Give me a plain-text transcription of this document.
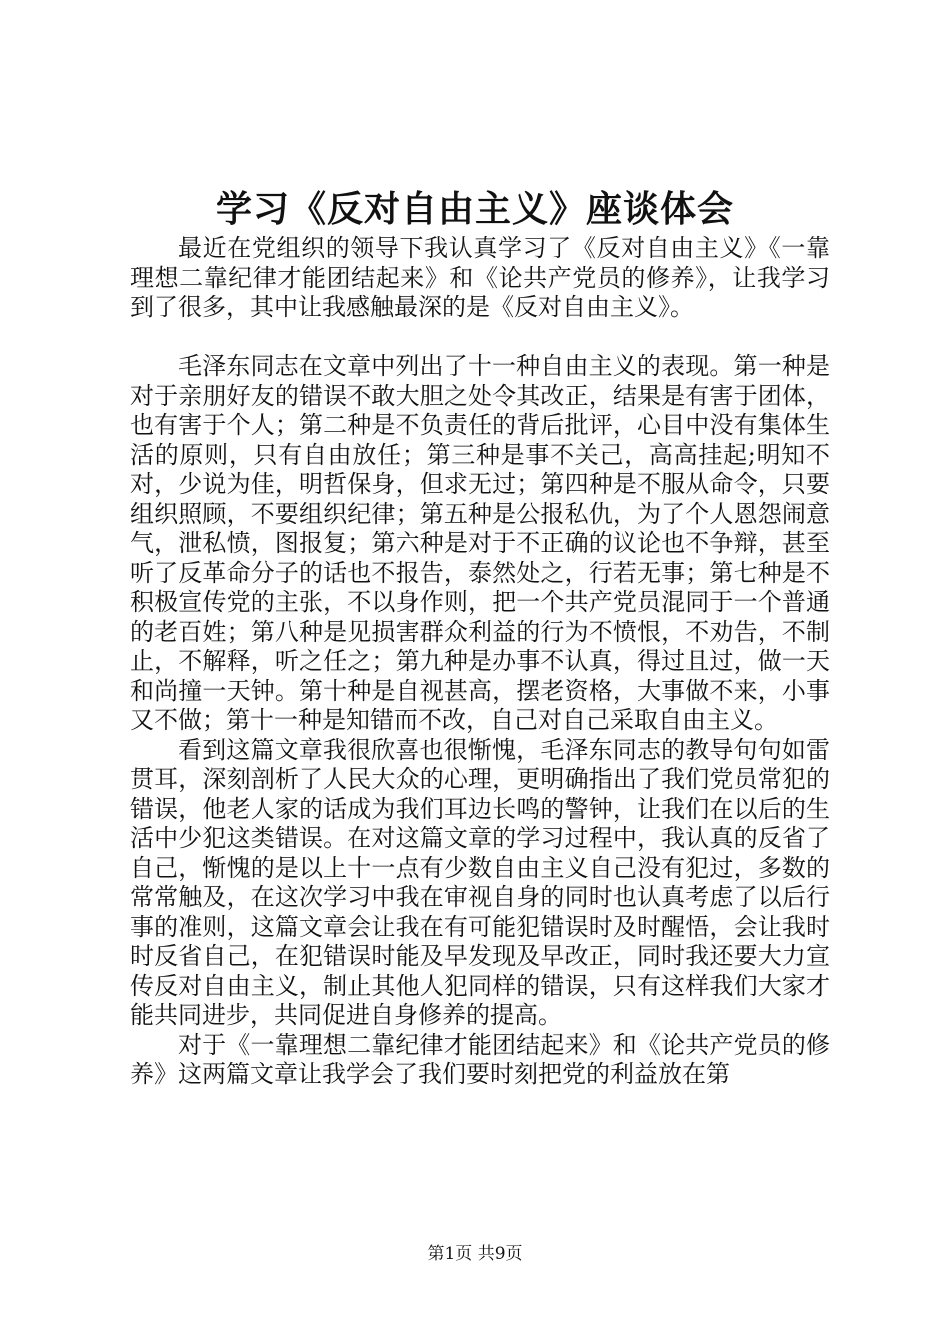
学习《反对自由主义》座谈体会

最近在党组织的领导下我认真学习了《反对自由主义》《一靠理想二靠纪律才能团结起来》和《论共产党员的修养》，让我学习到了很多，其中让我感触最深的是《反对自由主义》。

毛泽东同志在文章中列出了十一种自由主义的表现。第一种是对于亲朋好友的错误不敢大胆之处令其改正，结果是有害于团体，也有害于个人；第二种是不负责任的背后批评，心目中没有集体生活的原则，只有自由放任；第三种是事不关己，高高挂起;明知不对，少说为佳，明哲保身，但求无过；第四种是不服从命令，只要组织照顾，不要组织纪律；第五种是公报私仇，为了个人恩怨闹意气，泄私愤，图报复；第六种是对于不正确的议论也不争辩，甚至听了反革命分子的话也不报告，泰然处之，行若无事；第七种是不积极宣传党的主张，不以身作则，把一个共产党员混同于一个普通的老百姓；第八种是见损害群众利益的行为不愤恨，不劝告，不制止，不解释，听之任之；第九种是办事不认真，得过且过，做一天和尚撞一天钟。第十种是自视甚高，摆老资格，大事做不来，小事又不做；第十一种是知错而不改，自己对自己采取自由主义。

看到这篇文章我很欣喜也很惭愧，毛泽东同志的教导句句如雷贯耳，深刻剖析了人民大众的心理，更明确指出了我们党员常犯的错误，他老人家的话成为我们耳边长鸣的警钟，让我们在以后的生活中少犯这类错误。在对这篇文章的学习过程中，我认真的反省了自己，惭愧的是以上十一点有少数自由主义自己没有犯过，多数的常常触及，在这次学习中我在审视自身的同时也认真考虑了以后行事的准则，这篇文章会让我在有可能犯错误时及时醒悟，会让我时时反省自己，在犯错误时能及早发现及早改正，同时我还要大力宣传反对自由主义，制止其他人犯同样的错误，只有这样我们大家才能共同进步，共同促进自身修养的提高。

对于《一靠理想二靠纪律才能团结起来》和《论共产党员的修养》这两篇文章让我学会了我们要时刻把党的利益放在第

第1页 共9页
